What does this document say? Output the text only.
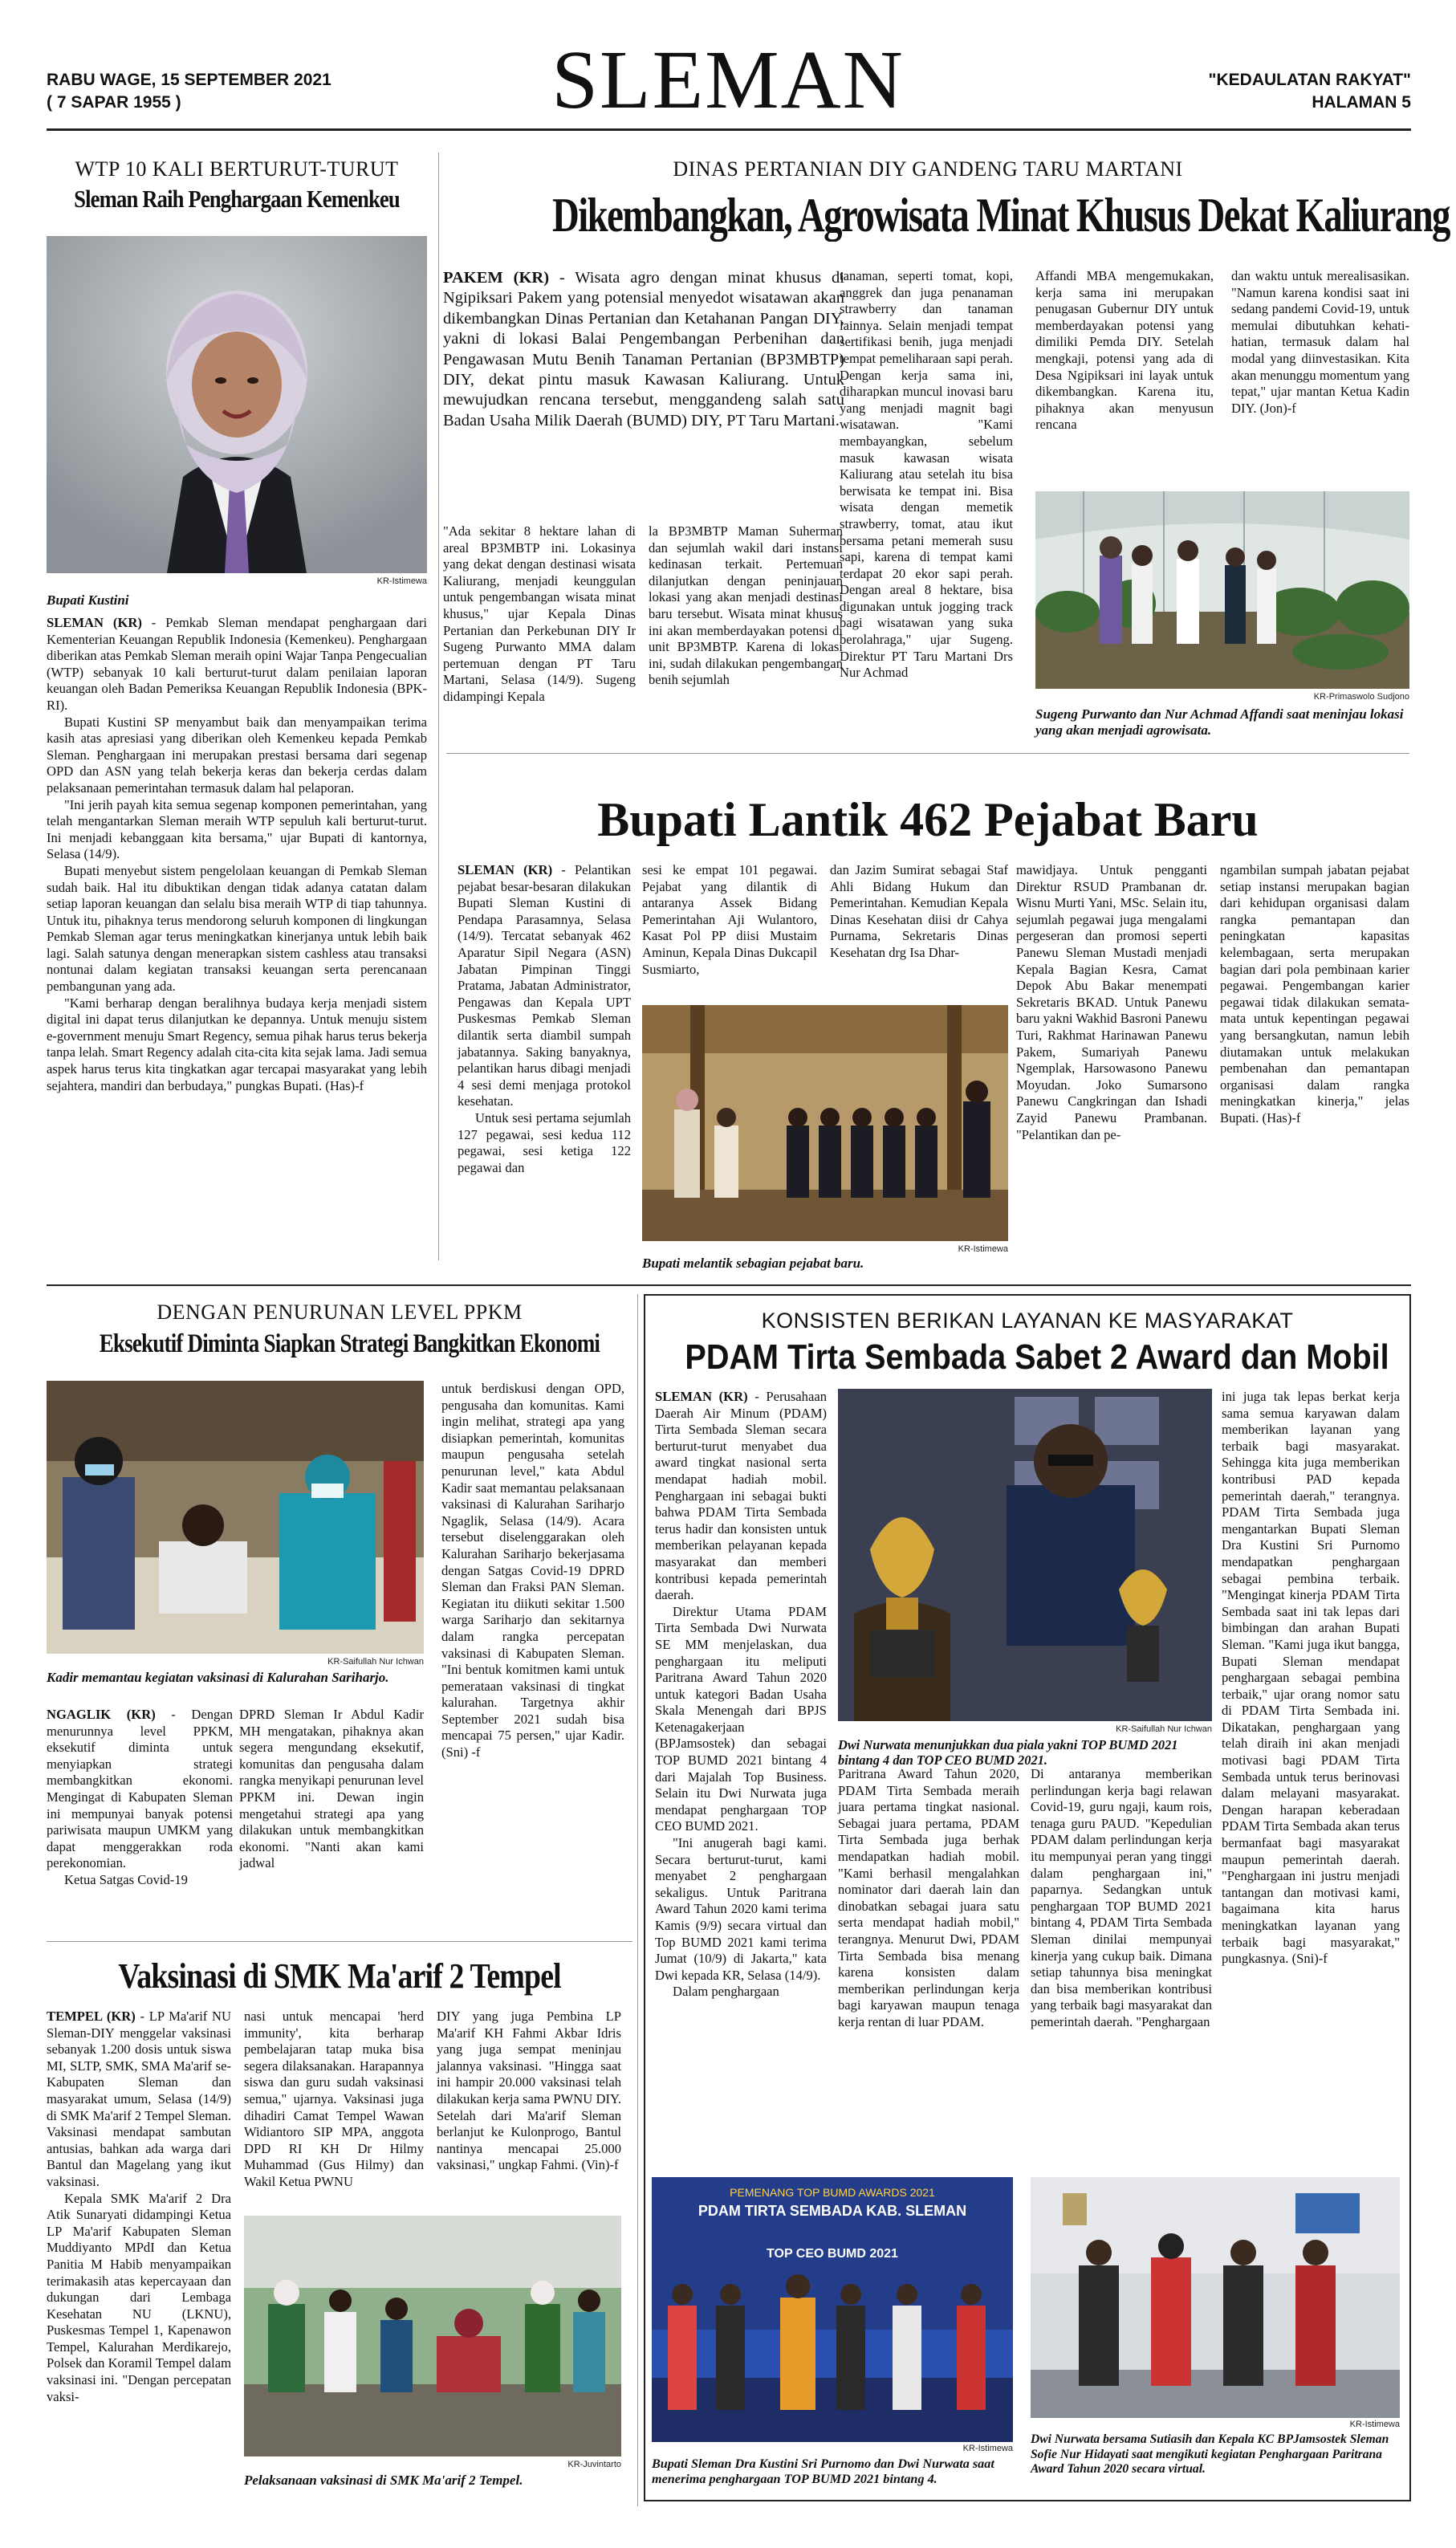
RABU WAGE, 15 SEPTEMBER 2021
( 7 SAPAR 1955 )	SLEMAN	"KEDAULATAN RAKYAT"
HALAMAN 5
WTP 10 KALI BERTURUT-TURUT
Sleman Raih Penghargaan Kemenkeu
KR-Istimewa
Bupati Kustini

SLEMAN (KR) - Pemkab Sleman mendapat penghargaan dari Kementerian Keuangan Republik Indonesia (Kemenkeu). Penghargaan diberikan atas Pemkab Sleman meraih opini Wajar Tanpa Pengecualian (WTP) sebanyak 10 kali berturut-turut dalam penilaian laporan keuangan oleh Badan Pemeriksa Keuangan Republik Indonesia (BPK-RI).

Bupati Kustini SP menyambut baik dan menyampaikan terima kasih atas apresiasi yang diberikan oleh Kemenkeu kepada Pemkab Sleman. Penghargaan ini merupakan prestasi bersama dari segenap OPD dan ASN yang telah bekerja keras dan bekerja cerdas dalam pelaksanaan pemerintahan termasuk dalam hal pelaporan.

"Ini jerih payah kita semua segenap komponen pemerintahan, yang telah mengantarkan Sleman meraih WTP sepuluh kali berturut-turut. Ini menjadi kebanggaan kita bersama," ujar Bupati di kantornya, Selasa (14/9).

Bupati menyebut sistem pengelolaan keuangan di Pemkab Sleman sudah baik. Hal itu dibuktikan dengan tidak adanya catatan dalam setiap laporan keuangan dan selalu bisa meraih WTP di tiap tahunnya. Untuk itu, pihaknya terus mendorong seluruh komponen di lingkungan Pemkab Sleman agar terus meningkatkan kinerjanya untuk lebih baik lagi. Salah satunya dengan menerapkan sistem cashless atau transaksi nontunai dalam kegiatan transaksi keuangan serta perencanaan pembangunan yang ada.

"Kami berharap dengan beralihnya budaya kerja menjadi sistem digital ini dapat terus dilanjutkan ke depannya. Untuk menuju sistem e-government menuju Smart Regency, semua pihak harus terus bekerja tanpa lelah. Smart Regency adalah cita-cita kita sejak lama. Jadi semua aspek harus terus kita tingkatkan agar tercapai masyarakat yang lebih sejahtera, mandiri dan berbudaya," pungkas Bupati. (Has)-f

DINAS PERTANIAN DIY GANDENG TARU MARTANI
Dikembangkan, Agrowisata Minat Khusus Dekat Kaliurang

PAKEM (KR) - Wisata agro dengan minat khusus di Ngipiksari Pakem yang potensial menyedot wisatawan akan dikembangkan Dinas Pertanian dan Ketahanan Pangan DIY, yakni di lokasi Balai Pengembangan Perbenihan dan Pengawasan Mutu Benih Tanaman Pertanian (BP3MBTP) DIY, dekat pintu masuk Kawasan Kaliurang. Untuk mewujudkan rencana tersebut, menggandeng salah satu Badan Usaha Milik Daerah (BUMD) DIY, PT Taru Martani.

"Ada sekitar 8 hektare lahan di areal BP3MBTP ini. Lokasinya yang dekat dengan destinasi wisata Kaliurang, menjadi keunggulan untuk pengembangan wisata minat khusus," ujar Kepala Dinas Pertanian dan Perkebunan DIY Ir Sugeng Purwanto MMA dalam pertemuan dengan PT Taru Martani, Selasa (14/9). Sugeng didampingi Kepala
la BP3MBTP Maman Suherman dan sejumlah wakil dari instansi kedinasan terkait. Pertemuan dilanjutkan dengan peninjauan lokasi yang akan menjadi destinasi baru tersebut. Wisata minat khusus ini akan memberdayakan potensi di unit BP3MBTP. Karena di lokasi ini, sudah dilakukan pengembangan benih sejumlah
tanaman, seperti tomat, kopi, anggrek dan juga penanaman strawberry dan tanaman lainnya. Selain menjadi tempat sertifikasi benih, juga menjadi tempat pemeliharaan sapi perah. Dengan kerja sama ini, diharapkan muncul inovasi baru yang menjadi magnit bagi wisatawan. "Kami membayangkan, sebelum masuk kawasan wisata Kaliurang atau setelah itu bisa berwisata ke tempat ini. Bisa wisata dengan memetik strawberry, tomat, atau ikut bersama petani memerah susu sapi, karena di tempat kami terdapat 20 ekor sapi perah. Dengan areal 8 hektare, bisa digunakan untuk jogging track bagi wisatawan yang suka berolahraga," ujar Sugeng. Direktur PT Taru Martani Drs Nur Achmad
Affandi MBA mengemukakan, kerja sama ini merupakan penugasan Gubernur DIY untuk memberdayakan potensi yang dimiliki Pemda DIY. Setelah mengkaji, potensi yang ada di Desa Ngipiksari ini layak untuk dikembangkan. Karena itu, pihaknya akan menyusun rencana
dan waktu untuk merealisasikan. "Namun karena kondisi saat ini sedang pandemi Covid-19, untuk memulai dibutuhkan kehati-hatian, termasuk dalam hal modal yang diinvestasikan. Kita akan menunggu momentum yang tepat," ujar mantan Ketua Kadin DIY. (Jon)-f
KR-Primaswolo Sudjono
Sugeng Purwanto dan Nur Achmad Affandi saat meninjau lokasi yang akan menjadi agrowisata.
Bupati Lantik 462 Pejabat Baru

SLEMAN (KR) - Pelantikan pejabat besar-besaran dilakukan Bupati Sleman Kustini di Pendapa Parasamnya, Selasa (14/9). Tercatat sebanyak 462 Aparatur Sipil Negara (ASN) Jabatan Pimpinan Tinggi Pratama, Jabatan Administrator, Pengawas dan Kepala UPT Puskesmas Pemkab Sleman dilantik serta diambil sumpah jabatannya. Saking banyaknya, pelantikan harus dibagi menjadi 4 sesi demi menjaga protokol kesehatan.

Untuk sesi pertama sejumlah 127 pegawai, sesi kedua 112 pegawai, sesi ketiga 122 pegawai dan

sesi ke empat 101 pegawai. Pejabat yang dilantik di antaranya Assek Bidang Pemerintahan Aji Wulantoro, Kasat Pol PP diisi Mustaim Aminun, Kepala Dinas Dukcapil Susmiarto,
dan Jazim Sumirat sebagai Staf Ahli Bidang Hukum dan Pemerintahan. Kemudian Kepala Dinas Kesehatan diisi dr Cahya Purnama, Sekretaris Dinas Kesehatan drg Isa Dhar-
mawidjaya. Untuk pengganti Direktur RSUD Prambanan dr. Wisnu Murti Yani, MSc. Selain itu, sejumlah pegawai juga mengalami pergeseran dan promosi seperti Panewu Sleman Mustadi menjadi Kepala Bagian Kesra, Camat Depok Abu Bakar menempati Sekretaris BKAD. Untuk Panewu baru yakni Wakhid Basroni Panewu Turi, Rakhmat Harinawan Panewu Pakem, Sumariyah Panewu Ngemplak, Harsowasono Panewu Moyudan. Joko Sumarsono Panewu Cangkringan dan Ishadi Zayid Panewu Prambanan. "Pelantikan dan pe-
ngambilan sumpah jabatan pejabat setiap instansi merupakan bagian dari kehidupan organisasi dalam rangka pemantapan dan peningkatan kapasitas kelembagaan, serta merupakan bagian dari pola pembinaan karier pegawai. Pengembangan karier pegawai tidak dilakukan semata-mata untuk kepentingan pegawai yang bersangkutan, namun lebih diutamakan untuk melakukan pembenahan dan pemantapan organisasi dalam rangka meningkatkan kinerja," jelas Bupati. (Has)-f
KR-Istimewa
Bupati melantik sebagian pejabat baru.
DENGAN PENURUNAN LEVEL PPKM
Eksekutif Diminta Siapkan Strategi Bangkitkan Ekonomi
KR-Saifullah Nur Ichwan
Kadir memantau kegiatan vaksinasi di Kalurahan Sariharjo.

NGAGLIK (KR) - Dengan menurunnya level PPKM, eksekutif diminta untuk menyiapkan strategi membangkitkan ekonomi. Mengingat di Kabupaten Sleman ini mempunyai banyak potensi pariwisata maupun UMKM yang dapat menggerakkan roda perekonomian.

Ketua Satgas Covid-19

DPRD Sleman Ir Abdul Kadir MH mengatakan, pihaknya akan segera mengundang eksekutif, komunitas dan pengusaha dalam rangka menyikapi penurunan level PPKM ini. Dewan ingin mengetahui strategi apa yang dilakukan untuk membangkitkan ekonomi. "Nanti akan kami jadwal
untuk berdiskusi dengan OPD, pengusaha dan komunitas. Kami ingin melihat, strategi apa yang disiapkan pemerintah, komunitas maupun pengusaha setelah penurunan level," kata Abdul Kadir saat memantau pelaksanaan vaksinasi di Kalurahan Sariharjo Ngaglik, Selasa (14/9). Acara tersebut diselenggarakan oleh Kalurahan Sariharjo bekerjasama dengan Satgas Covid-19 DPRD Sleman dan Fraksi PAN Sleman. Kegiatan itu diikuti sekitar 1.500 warga Sariharjo dan sekitarnya dalam rangka percepatan vaksinasi di Kabupaten Sleman. "Ini bentuk komitmen kami untuk pemerataan vaksinasi di tingkat kalurahan. Targetnya akhir September 2021 sudah bisa mencapai 75 persen," ujar Kadir. (Sni) -f
Vaksinasi di SMK Ma'arif 2 Tempel

TEMPEL (KR) - LP Ma'arif NU Sleman-DIY menggelar vaksinasi sebanyak 1.200 dosis untuk siswa MI, SLTP, SMK, SMA Ma'arif se-Kabupaten Sleman dan masyarakat umum, Selasa (14/9) di SMK Ma'arif 2 Tempel Sleman. Vaksinasi mendapat sambutan antusias, bahkan ada warga dari Bantul dan Magelang yang ikut vaksinasi.

Kepala SMK Ma'arif 2 Dra Atik Sunaryati didampingi Ketua LP Ma'arif Kabupaten Sleman Muddiyanto MPdI dan Ketua Panitia M Habib menyampaikan terimakasih atas kepercayaan dan dukungan dari Lembaga Kesehatan NU (LKNU), Puskesmas Tempel 1, Kapenawon Tempel, Kalurahan Merdikarejo, Polsek dan Koramil Tempel dalam vaksinasi ini. "Dengan percepatan vaksi-

nasi untuk mencapai 'herd immunity', kita berharap pembelajaran tatap muka bisa segera dilaksanakan. Harapannya siswa dan guru sudah vaksinasi semua," ujarnya. Vaksinasi juga dihadiri Camat Tempel Wawan Widiantoro SIP MPA, anggota DPD RI KH Dr Hilmy Muhammad (Gus Hilmy) dan Wakil Ketua PWNU
DIY yang juga Pembina LP Ma'arif KH Fahmi Akbar Idris yang juga sempat meninjau jalannya vaksinasi. "Hingga saat ini hampir 20.000 vaksinasi telah dilakukan kerja sama PWNU DIY. Setelah dari Ma'arif Sleman berlanjut ke Kulonprogo, Bantul nantinya mencapai 25.000 vaksinasi," ungkap Fahmi. (Vin)-f
KR-Juvintarto
Pelaksanaan vaksinasi di SMK Ma'arif 2 Tempel.
KONSISTEN BERIKAN LAYANAN KE MASYARAKAT
PDAM Tirta Sembada Sabet 2 Award dan Mobil

SLEMAN (KR) - Perusahaan Daerah Air Minum (PDAM) Tirta Sembada Sleman secara berturut-turut menyabet dua award tingkat nasional serta mendapat hadiah mobil. Penghargaan ini sebagai bukti bahwa PDAM Tirta Sembada terus hadir dan konsisten untuk memberikan pelayanan kepada masyarakat dan memberi kontribusi kepada pemerintah daerah.

Direktur Utama PDAM Tirta Sembada Dwi Nurwata SE MM menjelaskan, dua penghargaan itu meliputi Paritrana Award Tahun 2020 untuk kategori Badan Usaha Skala Menengah dari BPJS Ketenagakerjaan (BPJamsostek) dan sebagai TOP BUMD 2021 bintang 4 dari Majalah Top Business. Selain itu Dwi Nurwata juga mendapat penghargaan TOP CEO BUMD 2021.

"Ini anugerah bagi kami. Secara berturut-turut, kami menyabet 2 penghargaan sekaligus. Untuk Paritrana Award Tahun 2020 kami terima Kamis (9/9) secara virtual dan Top BUMD 2021 kami terima Jumat (10/9) di Jakarta," kata Dwi kepada KR, Selasa (14/9).

Dalam penghargaan

Paritrana Award Tahun 2020, PDAM Tirta Sembada meraih juara pertama tingkat nasional. Sebagai juara pertama, PDAM Tirta Sembada juga berhak mendapatkan hadiah mobil. "Kami berhasil mengalahkan nominator dari daerah lain dan dinobatkan sebagai juara satu serta mendapat hadiah mobil," terangnya. Menurut Dwi, PDAM Tirta Sembada bisa menang karena konsisten dalam memberikan perlindungan kerja bagi karyawan maupun tenaga kerja rentan di luar PDAM.
Di antaranya memberikan perlindungan kerja bagi relawan Covid-19, guru ngaji, kaum rois, tenaga guru PAUD. "Kepedulian PDAM dalam perlindungan kerja itu mempunyai peran yang tinggi dalam penghargaan ini," paparnya. Sedangkan untuk penghargaan TOP BUMD 2021 bintang 4, PDAM Tirta Sembada Sleman dinilai mempunyai kinerja yang cukup baik. Dimana setiap tahunnya bisa meningkat dan bisa memberikan kontribusi yang terbaik bagi masyarakat dan pemerintah daerah. "Penghargaan
ini juga tak lepas berkat kerja sama semua karyawan dalam memberikan layanan yang terbaik bagi masyarakat. Sehingga kita juga memberikan kontribusi PAD kepada pemerintah daerah," terangnya. PDAM Tirta Sembada juga mengantarkan Bupati Sleman Dra Kustini Sri Purnomo mendapatkan penghargaan sebagai pembina terbaik. "Mengingat kinerja PDAM Tirta Sembada saat ini tak lepas dari bimbingan dan arahan Bupati Sleman. "Kami juga ikut bangga, Bupati Sleman mendapat penghargaan sebagai pembina terbaik," ujar orang nomor satu di PDAM Tirta Sembada ini. Dikatakan, penghargaan yang telah diraih ini akan menjadi motivasi bagi PDAM Tirta Sembada untuk terus berinovasi dalam melayani masyarakat. Dengan harapan keberadaan PDAM Tirta Sembada akan terus bermanfaat bagi masyarakat maupun pemerintah daerah. "Penghargaan ini justru menjadi tantangan dan motivasi kami, bagaimana kita harus meningkatkan layanan yang terbaik bagi masyarakat," pungkasnya. (Sni)-f
KR-Saifullah Nur Ichwan
Dwi Nurwata menunjukkan dua piala yakni TOP BUMD 2021 bintang 4 dan TOP CEO BUMD 2021.
PEMENANG TOP BUMD AWARDS 2021
PDAM TIRTA SEMBADA KAB. SLEMAN
TOP CEO BUMD 2021
KR-Istimewa
Bupati Sleman Dra Kustini Sri Purnomo dan Dwi Nurwata saat menerima penghargaan TOP BUMD 2021 bintang 4.
KR-Istimewa
Dwi Nurwata bersama Sutiasih dan Kepala KC BPJamsostek Sleman Sofie Nur Hidayati saat mengikuti kegiatan Penghargaan Paritrana Award Tahun 2020 secara virtual.
